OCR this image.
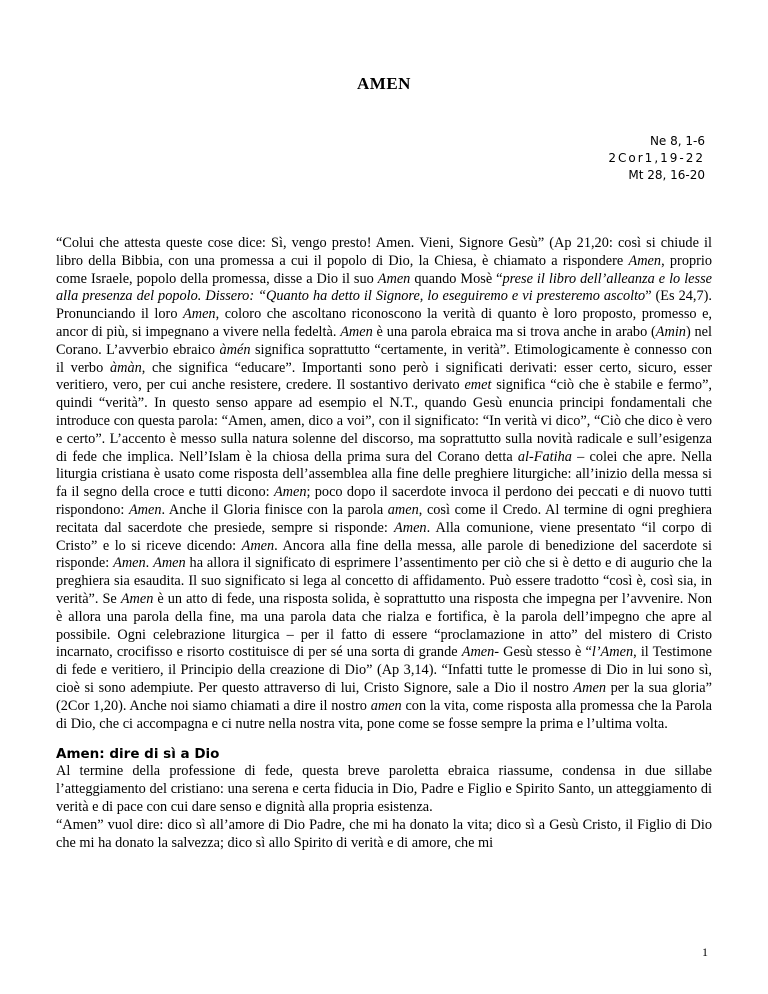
AMEN
Ne 8, 1-6
2Cor1,19-22
Mt 28, 16-20

“Colui che attesta queste cose dice: Sì, vengo presto! Amen. Vieni, Signore Gesù” (Ap 21,20: così si chiude il libro della Bibbia, con una promessa a cui il popolo di Dio, la Chiesa, è chiamato a rispondere Amen, proprio come Israele, popolo della promessa, disse a Dio il suo Amen quando Mosè “prese il libro dell’alleanza e lo lesse alla presenza del popolo. Dissero: “Quanto ha detto il Signore, lo eseguiremo e vi presteremo ascolto” (Es 24,7). Pronunciando il loro Amen, coloro che ascoltano riconoscono la verità di quanto è loro proposto, promesso e, ancor di più, si impegnano a vivere nella fedeltà. Amen è una parola ebraica ma si trova anche in arabo (Amin) nel Corano. L’avverbio ebraico àmén significa soprattutto “certamente, in verità”. Etimologicamente è connesso con il verbo àmàn, che significa “educare”. Importanti sono però i significati derivati: esser certo, sicuro, esser veritiero, vero, per cui anche resistere, credere. Il sostantivo derivato emet significa “ciò che è stabile e fermo”, quindi “verità”. In questo senso appare ad esempio el N.T., quando Gesù enuncia principi fondamentali che introduce con questa parola: “Amen, amen, dico a voi”, con il significato: “In verità vi dico”, “Ciò che dico è vero e certo”. L’accento è messo sulla natura solenne del discorso, ma soprattutto sulla novità radicale e sull’esigenza di fede che implica. Nell’Islam è la chiosa della prima sura del Corano detta al-Fatiha – colei che apre. Nella liturgia cristiana è usato come risposta dell’assemblea alla fine delle preghiere liturgiche: all’inizio della messa si fa il segno della croce e tutti dicono: Amen; poco dopo il sacerdote invoca il perdono dei peccati e di nuovo tutti rispondono: Amen. Anche il Gloria finisce con la parola amen, così come il Credo. Al termine di ogni preghiera recitata dal sacerdote che presiede, sempre si risponde: Amen. Alla comunione, viene presentato “il corpo di Cristo” e lo si riceve dicendo: Amen. Ancora alla fine della messa, alle parole di benedizione del sacerdote si risponde: Amen. Amen ha allora il significato di esprimere l’assentimento per ciò che si è detto e di augurio che la preghiera sia esaudita. Il suo significato si lega al concetto di affidamento. Può essere tradotto “così è, così sia, in verità”. Se Amen è un atto di fede, una risposta solida, è soprattutto una risposta che impegna per l’avvenire. Non è allora una parola della fine, ma una parola data che rialza e fortifica, è la parola dell’impegno che apre al possibile. Ogni celebrazione liturgica – per il fatto di essere “proclamazione in atto” del mistero di Cristo incarnato, crocifisso e risorto costituisce di per sé una sorta di grande Amen- Gesù stesso è “l’Amen, il Testimone di fede e veritiero, il Principio della creazione di Dio” (Ap 3,14). “Infatti tutte le promesse di Dio in lui sono sì, cioè si sono adempiute. Per questo attraverso di lui, Cristo Signore, sale a Dio il nostro Amen per la sua gloria” (2Cor 1,20). Anche noi siamo chiamati a dire il nostro amen con la vita, come risposta alla promessa che la Parola di Dio, che ci accompagna e ci nutre nella nostra vita, pone come se fosse sempre la prima e l’ultima volta.

Amen: dire di sì a Dio

Al termine della professione di fede, questa breve paroletta ebraica riassume, condensa in due sillabe l’atteggiamento del cristiano: una serena e certa fiducia in Dio, Padre e Figlio e Spirito Santo, un atteggiamento di verità e di pace con cui dare senso e dignità alla propria esistenza.

“Amen” vuol dire: dico sì all’amore di Dio Padre, che mi ha donato la vita; dico sì a Gesù Cristo, il Figlio di Dio che mi ha donato la salvezza; dico sì allo Spirito di verità e di amore, che mi

1
